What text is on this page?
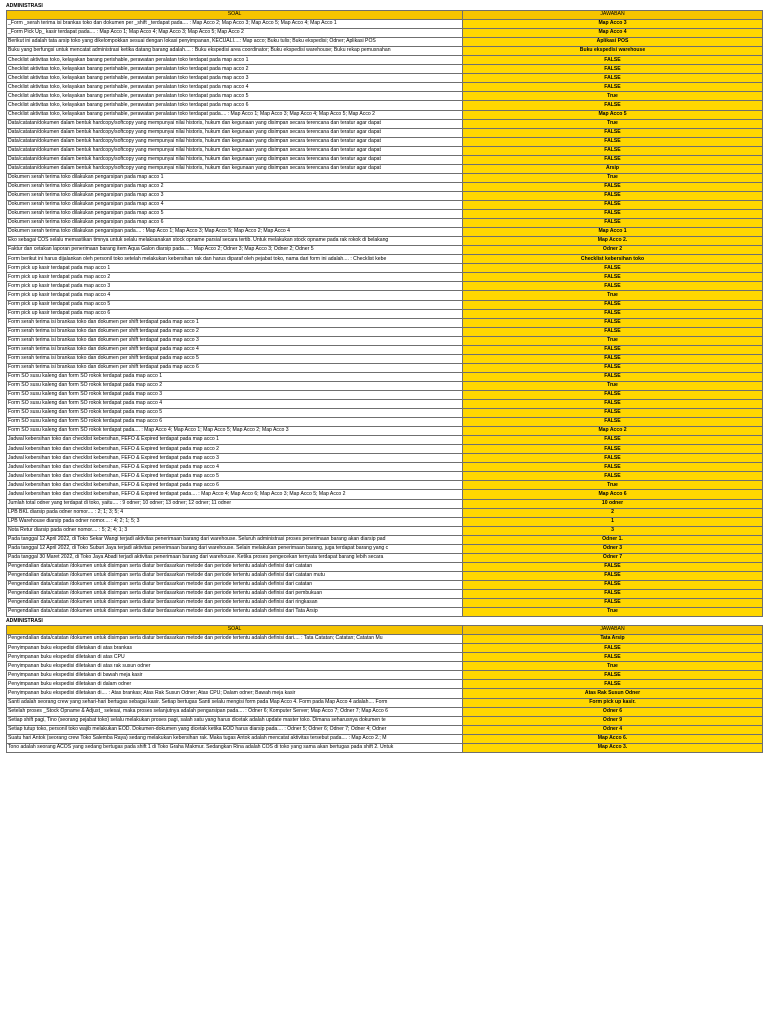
ADMINISTRASI
SOAL	JAWABAN
_Form _serah terima isi brankas toko dan dokumen per _shift _terdapat pada.... : Map Acco 2; Map Acco 3; Map Acco 5; Map Acco 4; Map Acco 1	Map Acco 3
_Form Pick Up_ kasir terdapat pada.... : Map Acco 1; Map Acco 4; Map Acco 3; Map Acco 5; Map Acco 2	Map Acco 4
Berikut ini adalah tata arsip toko yang dikelompokkan sesuai dengan lokasi penyimpanan, KECUALI....: Map acco; Buku tulis; Buku ekspedisi; Odner; Aplikasi POS	Aplikasi POS
Buku yang berfungsi untuk mencatat administrasi ketika datang barang adalah.... : Buku ekspedisi area coordinator; Buku ekspedisi warehouse; Buku rekap pemusnahan	Buku ekspedisi warehouse
Checklist aktivitas toko, kelayakan barang perishable, perawatan peralatan toko terdapat pada map acco 1	FALSE
Checklist aktivitas toko, kelayakan barang perishable, perawatan peralatan toko terdapat pada map acco 2	FALSE
Checklist aktivitas toko, kelayakan barang perishable, perawatan peralatan toko terdapat pada map acco 3	FALSE
Checklist aktivitas toko, kelayakan barang perishable, perawatan peralatan toko terdapat pada map acco 4	FALSE
Checklist aktivitas toko, kelayakan barang perishable, perawatan peralatan toko terdapat pada map acco 5	True
Checklist aktivitas toko, kelayakan barang perishable, perawatan peralatan toko terdapat pada map acco 6	FALSE
Checklist aktivitas toko, kelayakan barang perishable, perawatan peralatan toko terdapat pada.... : Map Acco 1; Map Acco 3; Map Acco 4; Map Acco 5; Map Acco 2	Map Acco 5
Data/catatan/dokumen dalam bentuk hardcopy/softcopy yang mempunyai nilai historis, hukum dan kegunaan yang disimpan secara terencana dan teratur agar dapat	True
Data/catatan/dokumen dalam bentuk hardcopy/softcopy yang mempunyai nilai historis, hukum dan kegunaan yang disimpan secara terencana dan teratur agar dapat	FALSE
Data/catatan/dokumen dalam bentuk hardcopy/softcopy yang mempunyai nilai historis, hukum dan kegunaan yang disimpan secara terencana dan teratur agar dapat	FALSE
Data/catatan/dokumen dalam bentuk hardcopy/softcopy yang mempunyai nilai historis, hukum dan kegunaan yang disimpan secara terencana dan teratur agar dapat	FALSE
Data/catatan/dokumen dalam bentuk hardcopy/softcopy yang mempunyai nilai historis, hukum dan kegunaan yang disimpan secara terencana dan teratur agar dapat	FALSE
Data/catatan/dokumen dalam bentuk hardcopy/softcopy yang mempunyai nilai historis, hukum dan kegunaan yang disimpan secara terencana dan teratur agar dapat	Arsip
Dokumen serah terima toko dilakukan pengarsipan pada map acco 1	True
Dokumen serah terima toko dilakukan pengarsipan pada map acco 2	FALSE
Dokumen serah terima toko dilakukan pengarsipan pada map acco 3	FALSE
Dokumen serah terima toko dilakukan pengarsipan pada map acco 4	FALSE
Dokumen serah terima toko dilakukan pengarsipan pada map acco 5	FALSE
Dokumen serah terima toko dilakukan pengarsipan pada map acco 6	FALSE
Dokumen serah terima toko dilakukan pengarsipan pada.... : Map Acco 1; Map Acco 3; Map Acco 5; Map Acco 2; Map Acco 4	Map Acco 1
Eko sebagai COS selalu memastikan timnya untuk selalu melaksanakan stock opname parsial secara tertib. Untuk melakukan stock opname pada rak rokok di belakang	Map Acco 2.
Faktur dan cetakan laporan penerimaan barang item Aqua Galon diarsip pada.... : Map Acco 2; Odner 3; Map Acco 3; Odner 2; Odner 5	Odner 2
Form berikut ini harus dijalankan oleh personil toko setelah melakukan kebersihan rak dan harus diparaf oleh pejabat toko, nama dari form ini adalah.... : Checklist kebe	Checklist kebersihan toko
Form pick up kasir terdapat pada map acco 1	FALSE
Form pick up kasir terdapat pada map acco 2	FALSE
Form pick up kasir terdapat pada map acco 3	FALSE
Form pick up kasir terdapat pada map acco 4	True
Form pick up kasir terdapat pada map acco 5	FALSE
Form pick up kasir terdapat pada map acco 6	FALSE
Form serah terima isi brankas toko dan dokumen per shift terdapat pada map acco 1	FALSE
Form serah terima isi brankas toko dan dokumen per shift terdapat pada map acco 2	FALSE
Form serah terima isi brankas toko dan dokumen per shift terdapat pada map acco 3	True
Form serah terima isi brankas toko dan dokumen per shift terdapat pada map acco 4	FALSE
Form serah terima isi brankas toko dan dokumen per shift terdapat pada map acco 5	FALSE
Form serah terima isi brankas toko dan dokumen per shift terdapat pada map acco 6	FALSE
Form SO susu kaleng dan form SO rokok terdapat pada map acco 1	FALSE
Form SO susu kaleng dan form SO rokok terdapat pada map acco 2	True
Form SO susu kaleng dan form SO rokok terdapat pada map acco 3	FALSE
Form SO susu kaleng dan form SO rokok terdapat pada map acco 4	FALSE
Form SO susu kaleng dan form SO rokok terdapat pada map acco 5	FALSE
Form SO susu kaleng dan form SO rokok terdapat pada map acco 6	FALSE
Form SO susu kaleng dan form SO rokok terdapat pada.... : Map Acco 4; Map Acco 1; Map Acco 5; Map Acco 2; Map Acco 3	Map Acco 2
Jadwal kebersihan toko dan checklist kebersihan, FEFO & Expired terdapat pada map acco 1	FALSE
Jadwal kebersihan toko dan checklist kebersihan, FEFO & Expired terdapat pada map acco 2	FALSE
Jadwal kebersihan toko dan checklist kebersihan, FEFO & Expired terdapat pada map acco 3	FALSE
Jadwal kebersihan toko dan checklist kebersihan, FEFO & Expired terdapat pada map acco 4	FALSE
Jadwal kebersihan toko dan checklist kebersihan, FEFO & Expired terdapat pada map acco 5	FALSE
Jadwal kebersihan toko dan checklist kebersihan, FEFO & Expired terdapat pada map acco 6	True
Jadwal kebersihan toko dan checklist kebersihan, FEFO & Expired terdapat pada.... : Map Acco 4; Map Acco 6; Map Acco 3; Map Acco 5; Map Acco 2	Map Acco 6
Jumlah total odner yang terdapat di toko, yaitu.... : 9 odner; 10 odner; 13 odner; 12 odner; 11 odner	10 odner
LPB BKL diarsip pada odner nomor.... : 2; 1; 3; 5; 4	2
LPB Warehouse diarsip pada odner nomor.... : 4; 2; 1; 5; 3	1
Nota Retur diarsip pada odner nomor.... : 5; 2; 4; 1; 3	3
Pada tanggal 12 April 2022, di Toko Sekar Wangi terjadi aktivitas penerimaan barang dari warehouse. Seluruh administrasi proses penerimaan barang akan diarsip pad	Odner 1.
Pada tanggal 12 April 2022, di Toko Suburi Jaya terjadi aktivitas penerimaan barang dari warehouse. Selain melakukan penerimaan barang, juga terdapat barang yang c	Odner 3
Pada tanggal 30 Maret 2022, di Toko Jaya Abadi terjadi aktivitas penerimaan barang dari warehouse. Ketika proses pengecekan ternyata terdapat barang lebih secara	Odner 7
Pengendalian data/catatan /dokumen untuk disimpan serta diatur berdasarkan metode dan periode tertentu adalah definisi dari catatan	FALSE
Pengendalian data/catatan /dokumen untuk disimpan serta diatur berdasarkan metode dan periode tertentu adalah definisi dari catatan mutu	FALSE
Pengendalian data/catatan /dokumen untuk disimpan serta diatur berdasarkan metode dan periode tertentu adalah definisi dari catatan	FALSE
Pengendalian data/catatan /dokumen untuk disimpan serta diatur berdasarkan metode dan periode tertentu adalah definisi dari pembukuan	FALSE
Pengendalian data/catatan /dokumen untuk disimpan serta diatur berdasarkan metode dan periode tertentu adalah definisi dari ringkasan	FALSE
Pengendalian data/catatan /dokumen untuk disimpan serta diatur berdasarkan metode dan periode tertentu adalah definisi dari Tata Arsip	True
ADMINISTRASI
SOAL	JAWABAN
Pengendalian data/catatan /dokumen untuk disimpan serta diatur berdasarkan metode dan periode tertentu adalah definisi dari.... : Tata Catatan; Catatan; Catatan Mu	Tata Arsip
Penyimpanan buku ekspedisi diletakan di atas brankas	FALSE
Penyimpanan buku ekspedisi diletakan di atas CPU	FALSE
Penyimpanan buku ekspedisi diletakan di atas rak susun odner	True
Penyimpanan buku ekspedisi diletakan di bawah meja kasir	FALSE
Penyimpanan buku ekspedisi diletakan di dalam odner	FALSE
Penyimpanan buku ekspedisi diletakan di.... : Atas brankas; Atas Rak Susun Odner; Atas CPU; Dalam odner; Bawah meja kasir	Atas Rak Susun Odner
Santi adalah seorang crew yang sehari-hari bertugas sebagai kasir. Setiap bertugas Santi selalu mengisi form pada Map Acco 4. Form pada Map Acco 4 adalah.... Form	Form pick up kasir.
Setelah proses _Stock Opname & Adjust_ selesai, maka proses selanjutnya adalah pengarsipan pada.... : Odner 6; Komputer Server; Map Acco 7; Odner 7; Map Acco 6	Odner 6
Setiap shift pagi, Tino (seorang pejabat toko) selalu melakukan proses pagi, salah satu yang harus dicetak adalah update master toko. Dimana seharusnya dokumen te	Odner 9
Setiap tutup toko, personil toko wajib melakukan EOD. Dokumen-dokumen yang dicetak ketika EOD harus diarsip pada.... : Odner 5; Odner 6; Odner 7; Odner 4; Odner	Odner 4
Suatu hari Antok (seorang crew Toko Salemba Raya) sedang melakukan kebersihan rak. Maka tugas Antok adalah mencatat aktivitas tersebut pada.... : Map Acco 2.; M	Map Acco 6.
Tono adalah seorang ACOS yang sedang bertugas pada shift 1 di Toko Graha Makmur. Sedangkan Rina adalah COS di toko yang sama akan bertugas pada shift 2. Untuk	Map Acco 3.
